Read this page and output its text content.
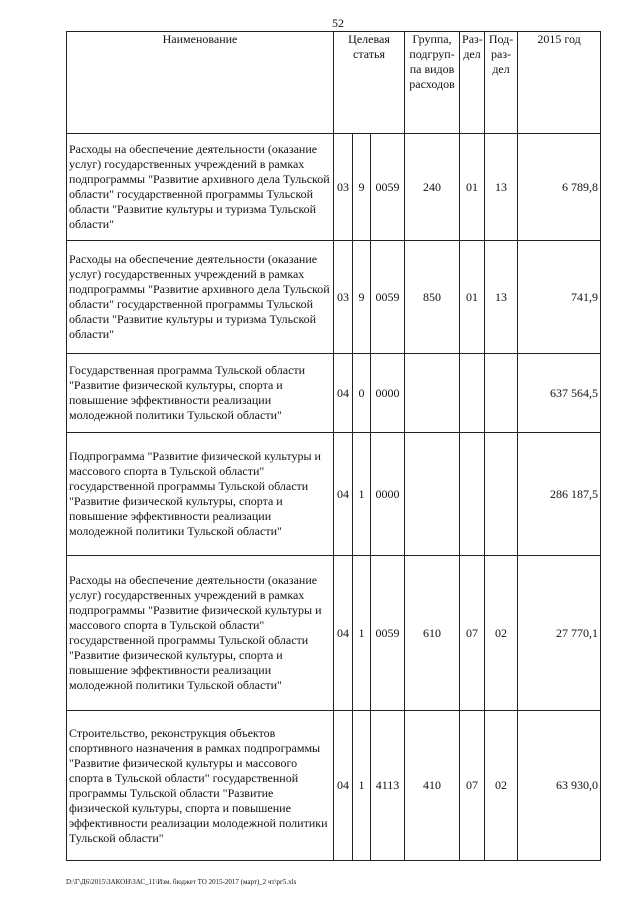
52
Наименование	Целевая статья			Группа, подгруп-па видов расходов	Раз-дел	Под-раз-дел	2015 год
Расходы на обеспечение деятельности (оказание услуг) государственных учреждений в рамках подпрограммы "Развитие архивного дела Тульской области" государственной программы Тульской области "Развитие культуры и туризма Тульской области"	03	9	0059	240	01	13	6 789,8
Расходы на обеспечение деятельности (оказание услуг) государственных учреждений в рамках подпрограммы "Развитие архивного дела Тульской области" государственной программы Тульской области "Развитие культуры и туризма Тульской области"	03	9	0059	850	01	13	741,9
Государственная программа Тульской области "Развитие физической культуры, спорта и повышение эффективности реализации молодежной политики Тульской области"	04	0	0000				637 564,5
Подпрограмма "Развитие физической культуры и массового спорта в Тульской области" государственной программы Тульской области "Развитие физической культуры, спорта и повышение эффективности реализации молодежной политики Тульской области"	04	1	0000				286 187,5
Расходы на обеспечение деятельности (оказание услуг) государственных учреждений в рамках подпрограммы "Развитие физической культуры и массового спорта в Тульской области" государственной программы Тульской области "Развитие физической культуры, спорта и повышение эффективности реализации молодежной политики Тульской области"	04	1	0059	610	07	02	27 770,1
Строительство, реконструкция объектов спортивного назначения в рамках подпрограммы "Развитие физической культуры и массового спорта в Тульской области" государственной программы Тульской области "Развитие физической культуры, спорта и повышение эффективности реализации молодежной политики Тульской области"	04	1	4113	410	07	02	63 930,0
D:\Г\Д6\2015\ЗАКОН\ЗАС_11\Изм. бюджет ТО 2015-2017 (март)_2 чт\рг5.xls
